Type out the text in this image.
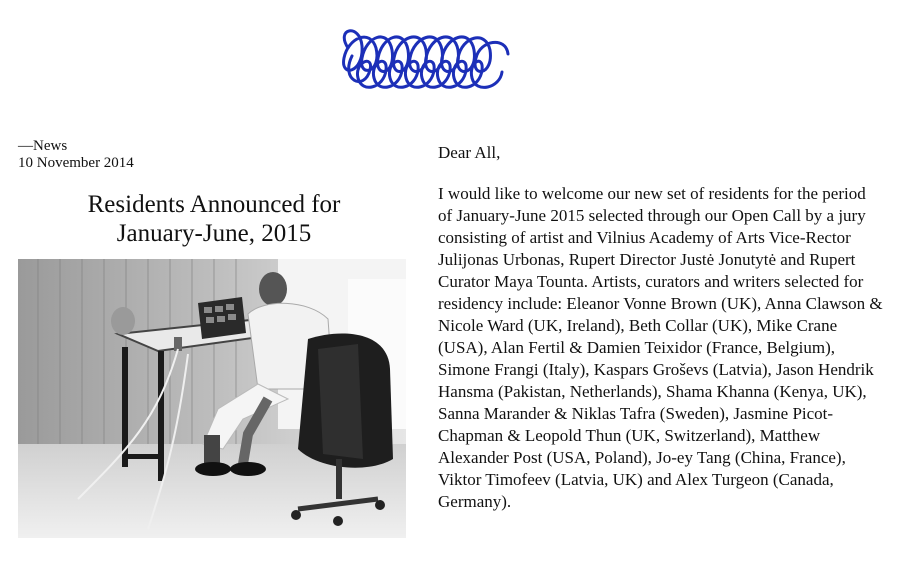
—News
10 November 2014
Residents Announced for
January-June, 2015

Dear All,

I would like to welcome our new set of residents for the period of January-June 2015 selected through our Open Call by a jury consisting of artist and Vilnius Academy of Arts Vice-Rector Julijonas Urbonas, Rupert Director Justė Jonutytė and Rupert Curator Maya Tounta. Artists, curators and writers selected for residency include: Eleanor Vonne Brown (UK), Anna Clawson & Nicole Ward (UK, Ireland), Beth Collar (UK), Mike Crane (USA), Alan Fertil & Damien Teixidor (France, Belgium), Simone Frangi (Italy), Kaspars Groševs (Latvia), Jason Hendrik Hansma (Pakistan, Netherlands), Shama Khanna (Kenya, UK), Sanna Marander & Niklas Tafra (Sweden), Jasmine Picot-Chapman & Leopold Thun (UK, Switzerland), Matthew Alexander Post (USA, Poland), Jo-ey Tang (China, France), Viktor Timofeev (Latvia, UK) and Alex Turgeon (Canada, Germany).
